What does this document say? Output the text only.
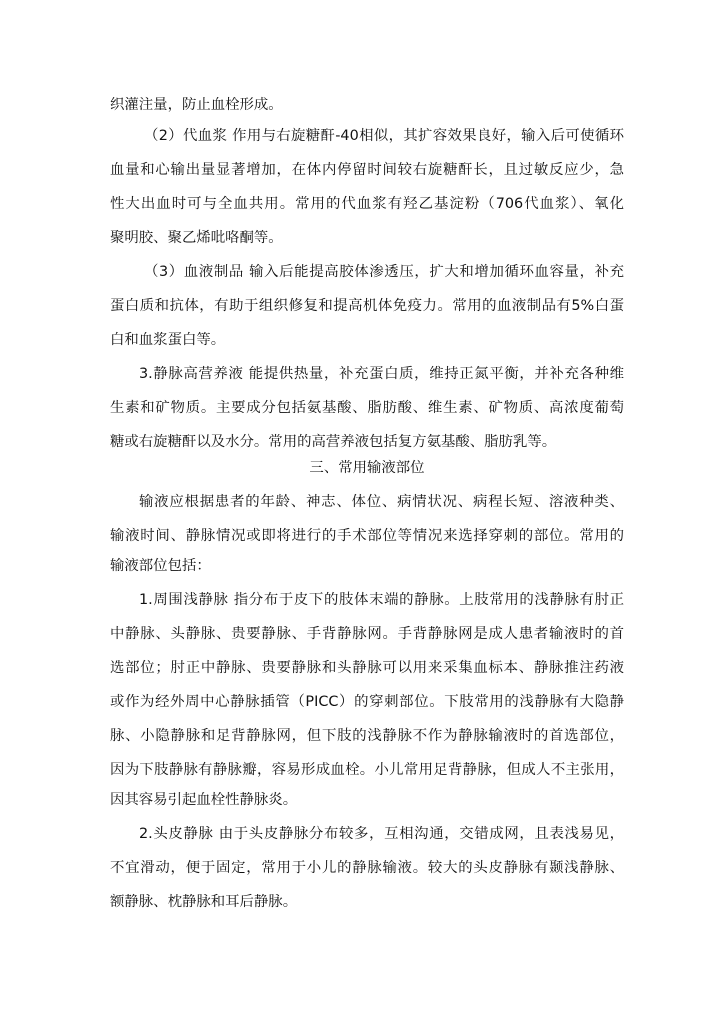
织灌注量，防止血栓形成。
（2）代血浆 作用与右旋糖酐-40相似，其扩容效果良好，输入后可使循环
血量和心输出量显著增加，在体内停留时间较右旋糖酐长，且过敏反应少，急
性大出血时可与全血共用。常用的代血浆有羟乙基淀粉（706代血浆）、氧化
聚明胶、聚乙烯吡咯酮等。
（3）血液制品 输入后能提高胶体渗透压，扩大和增加循环血容量，补充
蛋白质和抗体，有助于组织修复和提高机体免疫力。常用的血液制品有5%白蛋
白和血浆蛋白等。
3.静脉高营养液 能提供热量，补充蛋白质，维持正氮平衡，并补充各种维
生素和矿物质。主要成分包括氨基酸、脂肪酸、维生素、矿物质、高浓度葡萄
糖或右旋糖酐以及水分。常用的高营养液包括复方氨基酸、脂肪乳等。
三、常用输液部位
输液应根据患者的年龄、神志、体位、病情状况、病程长短、溶液种类、
输液时间、静脉情况或即将进行的手术部位等情况来选择穿刺的部位。常用的
输液部位包括：
1.周围浅静脉 指分布于皮下的肢体末端的静脉。上肢常用的浅静脉有肘正
中静脉、头静脉、贵要静脉、手背静脉网。手背静脉网是成人患者输液时的首
选部位；肘正中静脉、贵要静脉和头静脉可以用来采集血标本、静脉推注药液
或作为经外周中心静脉插管（PICC）的穿刺部位。下肢常用的浅静脉有大隐静
脉、小隐静脉和足背静脉网，但下肢的浅静脉不作为静脉输液时的首选部位，
因为下肢静脉有静脉瓣，容易形成血栓。小儿常用足背静脉，但成人不主张用，
因其容易引起血栓性静脉炎。
2.头皮静脉 由于头皮静脉分布较多，互相沟通，交错成网，且表浅易见，
不宜滑动，便于固定，常用于小儿的静脉输液。较大的头皮静脉有颞浅静脉、
额静脉、枕静脉和耳后静脉。
